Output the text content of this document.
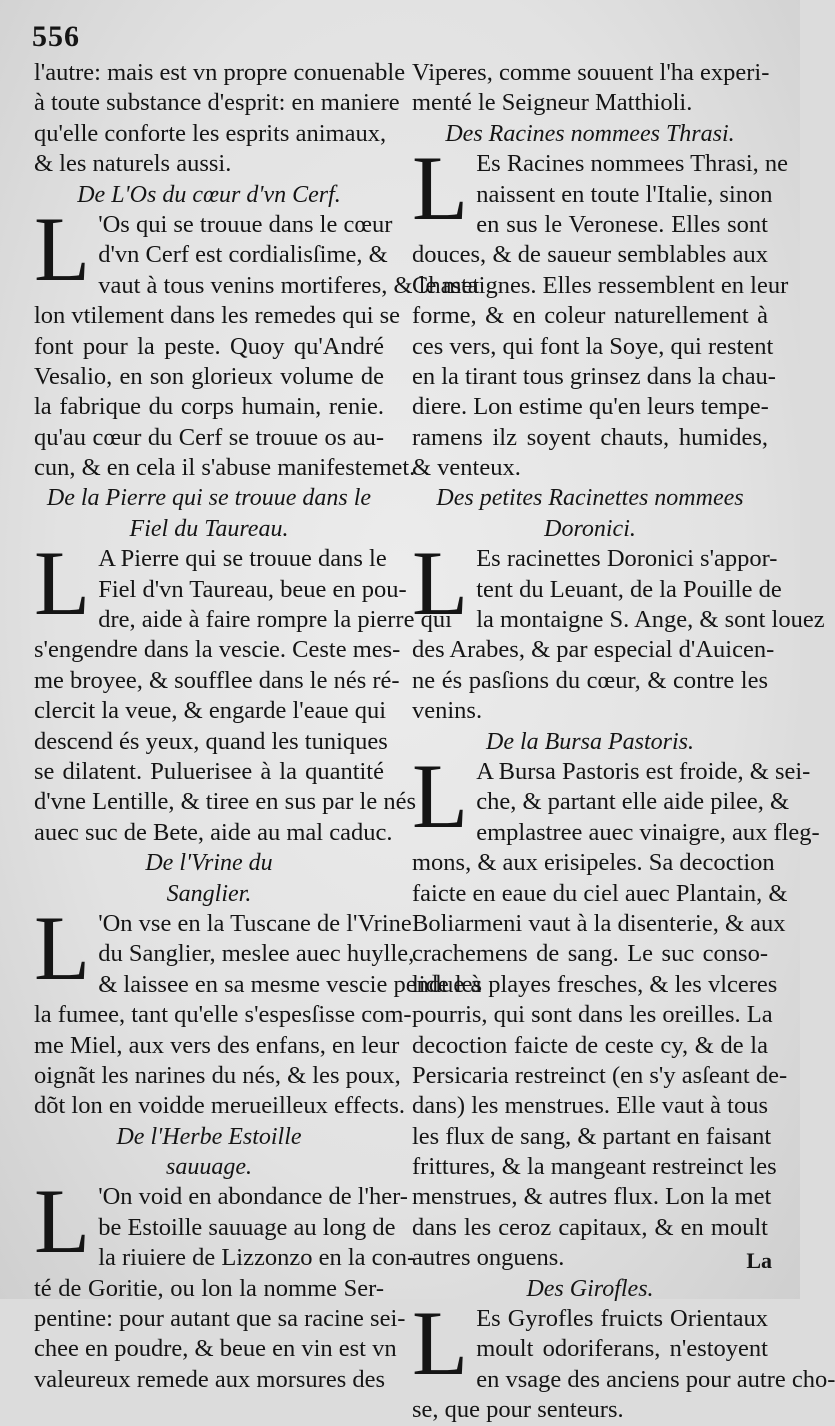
556
l'autre: mais est vn propre conuenable
à toute substance d'esprit: en maniere
qu'elle conforte les esprits animaux,
& les naturels aussi.
De L'Os du cœur d'vn Cerf.
L 'Os qui se trouue dans le cœur
d'vn Cerf est cordialisſime, &
vaut à tous venins mortiferes, & le met
lon vtilement dans les remedes qui se
font pour la peste. Quoy qu'André
Vesalio, en son glorieux volume de
la fabrique du corps humain, renie.
qu'au cœur du Cerf se trouue os au-
cun, & en cela il s'abuse manifestemet.
De la Pierre qui se trouue dans le
Fiel du Taureau.
L A Pierre qui se trouue dans le
Fiel d'vn Taureau, beue en pou-
dre, aide à faire rompre la pierre qui
s'engendre dans la vescie. Ceste mes-
me broyee, & soufflee dans le nés ré-
clercit la veue, & engarde l'eaue qui
descend és yeux, quand les tuniques
se dilatent. Puluerisee à la quantité
d'vne Lentille, & tiree en sus par le nés
auec suc de Bete, aide au mal caduc.
De l'Vrine du
Sanglier.
L 'On vse en la Tuscane de l'Vrine
du Sanglier, meslee auec huylle,
& laissee en sa mesme vescie pendue à
la fumee, tant qu'elle s'espesſisse com-
me Miel, aux vers des enfans, en leur
oignãt les narines du nés, & les poux,
dõt lon en voidde merueilleux effects.
De l'Herbe Estoille
sauuage.
L 'On void en abondance de l'her-
be Estoille sauuage au long de
la riuiere de Lizzonzo en la con-
té de Goritie, ou lon la nomme Ser-
pentine: pour autant que sa racine sei-
chee en poudre, & beue en vin est vn
valeureux remede aux morsures des
Viperes, comme souuent l'ha experi-
menté le Seigneur Matthioli.
Des Racines nommees Thrasi.
L Es Racines nommees Thrasi, ne
naissent en toute l'Italie, sinon
en sus le Veronese. Elles sont
douces, & de saueur semblables aux
Chastaignes. Elles ressemblent en leur
forme, & en coleur naturellement à
ces vers, qui font la Soye, qui restent
en la tirant tous grinsez dans la chau-
diere. Lon estime qu'en leurs tempe-
ramens ilz soyent chauts, humides,
& venteux.
Des petites Racinettes nommees
Doronici.
L Es racinettes Doronici s'appor-
tent du Leuant, de la Pouille de
la montaigne S. Ange, & sont louez
des Arabes, & par especial d'Auicen-
ne és pasſions du cœur, & contre les
venins.
De la Bursa Pastoris.
L A Bursa Pastoris est froide, & sei-
che, & partant elle aide pilee, &
emplastree auec vinaigre, aux fleg-
mons, & aux erisipeles. Sa decoction
faicte en eaue du ciel auec Plantain, &
Boliarmeni vaut à la disenterie, & aux
crachemens de sang. Le suc conso-
lide les playes fresches, & les vlceres
pourris, qui sont dans les oreilles. La
decoction faicte de ceste cy, & de la
Persicaria restreinct (en s'y asſeant de-
dans) les menstrues. Elle vaut à tous
les flux de sang, & partant en faisant
frittures, & la mangeant restreinct les
menstrues, & autres flux. Lon la met
dans les ceroz capitaux, & en moult
autres onguens.
Des Girofles.
L Es Gyrofles fruicts Orientaux
moult odoriferans, n'estoyent
en vsage des anciens pour autre cho-
se, que pour senteurs.
La
